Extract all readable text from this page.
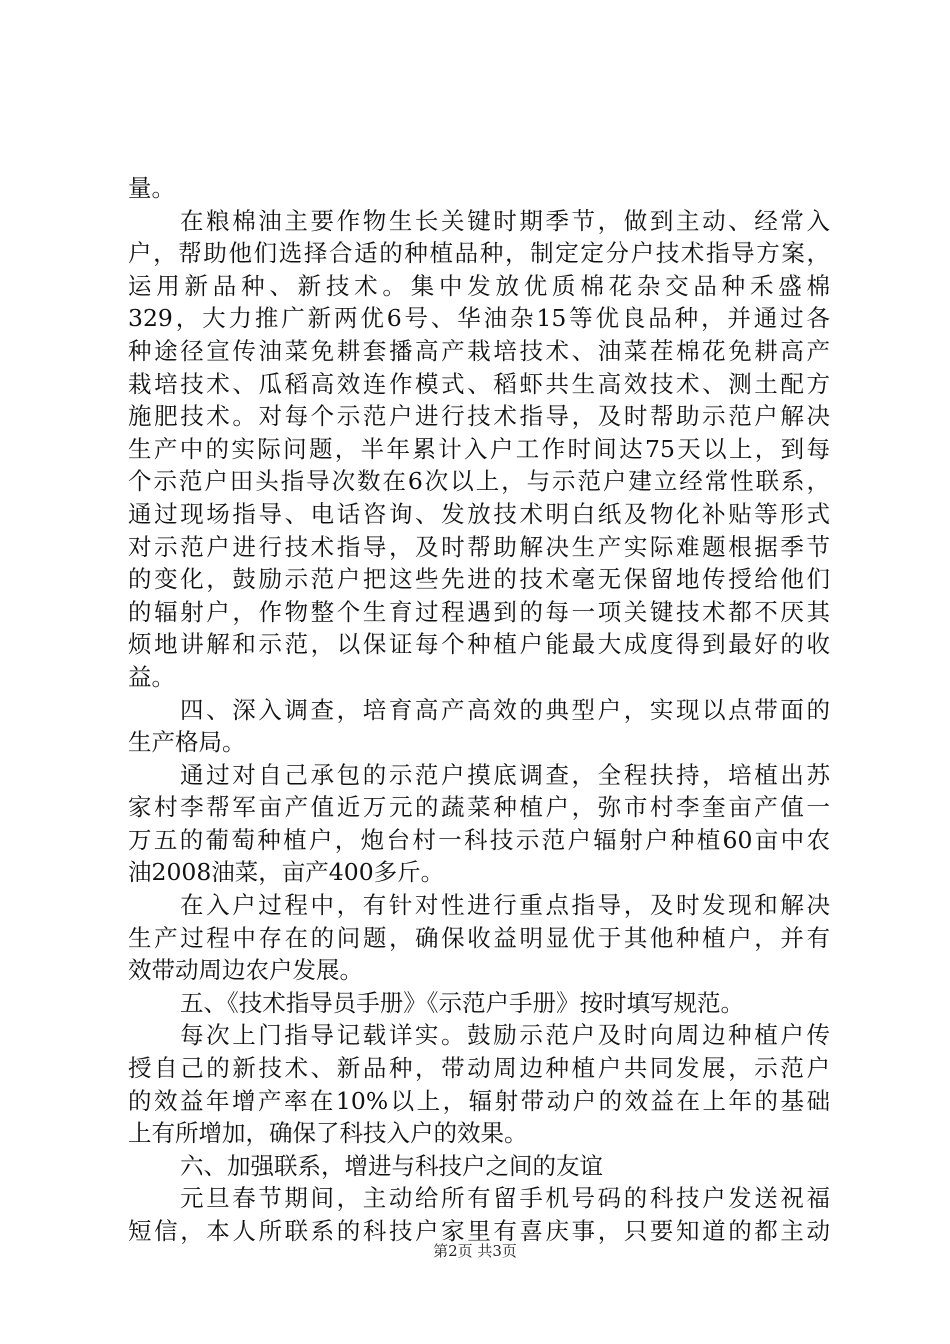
量。
在粮棉油主要作物生长关键时期季节，做到主动、经常入
户，帮助他们选择合适的种植品种，制定定分户技术指导方案，
运用新品种、新技术。集中发放优质棉花杂交品种禾盛棉
329，大力推广新两优6号、华油杂15等优良品种，并通过各
种途径宣传油菜免耕套播高产栽培技术、油菜茬棉花免耕高产
栽培技术、瓜稻高效连作模式、稻虾共生高效技术、测土配方
施肥技术。对每个示范户进行技术指导，及时帮助示范户解决
生产中的实际问题，半年累计入户工作时间达75天以上，到每
个示范户田头指导次数在6次以上，与示范户建立经常性联系，
通过现场指导、电话咨询、发放技术明白纸及物化补贴等形式
对示范户进行技术指导，及时帮助解决生产实际难题根据季节
的变化，鼓励示范户把这些先进的技术毫无保留地传授给他们
的辐射户，作物整个生育过程遇到的每一项关键技术都不厌其
烦地讲解和示范，以保证每个种植户能最大成度得到最好的收
益。
四、深入调查，培育高产高效的典型户，实现以点带面的
生产格局。
通过对自己承包的示范户摸底调查，全程扶持，培植出苏
家村李帮军亩产值近万元的蔬菜种植户，弥市村李奎亩产值一
万五的葡萄种植户，炮台村一科技示范户辐射户种植60亩中农
油2008油菜，亩产400多斤。
在入户过程中，有针对性进行重点指导，及时发现和解决
生产过程中存在的问题，确保收益明显优于其他种植户，并有
效带动周边农户发展。
五、《技术指导员手册》《示范户手册》按时填写规范。
每次上门指导记载详实。鼓励示范户及时向周边种植户传
授自己的新技术、新品种，带动周边种植户共同发展，示范户
的效益年增产率在10%以上，辐射带动户的效益在上年的基础
上有所增加，确保了科技入户的效果。
六、加强联系，增进与科技户之间的友谊
元旦春节期间，主动给所有留手机号码的科技户发送祝福
短信，本人所联系的科技户家里有喜庆事，只要知道的都主动
第2页 共3页
